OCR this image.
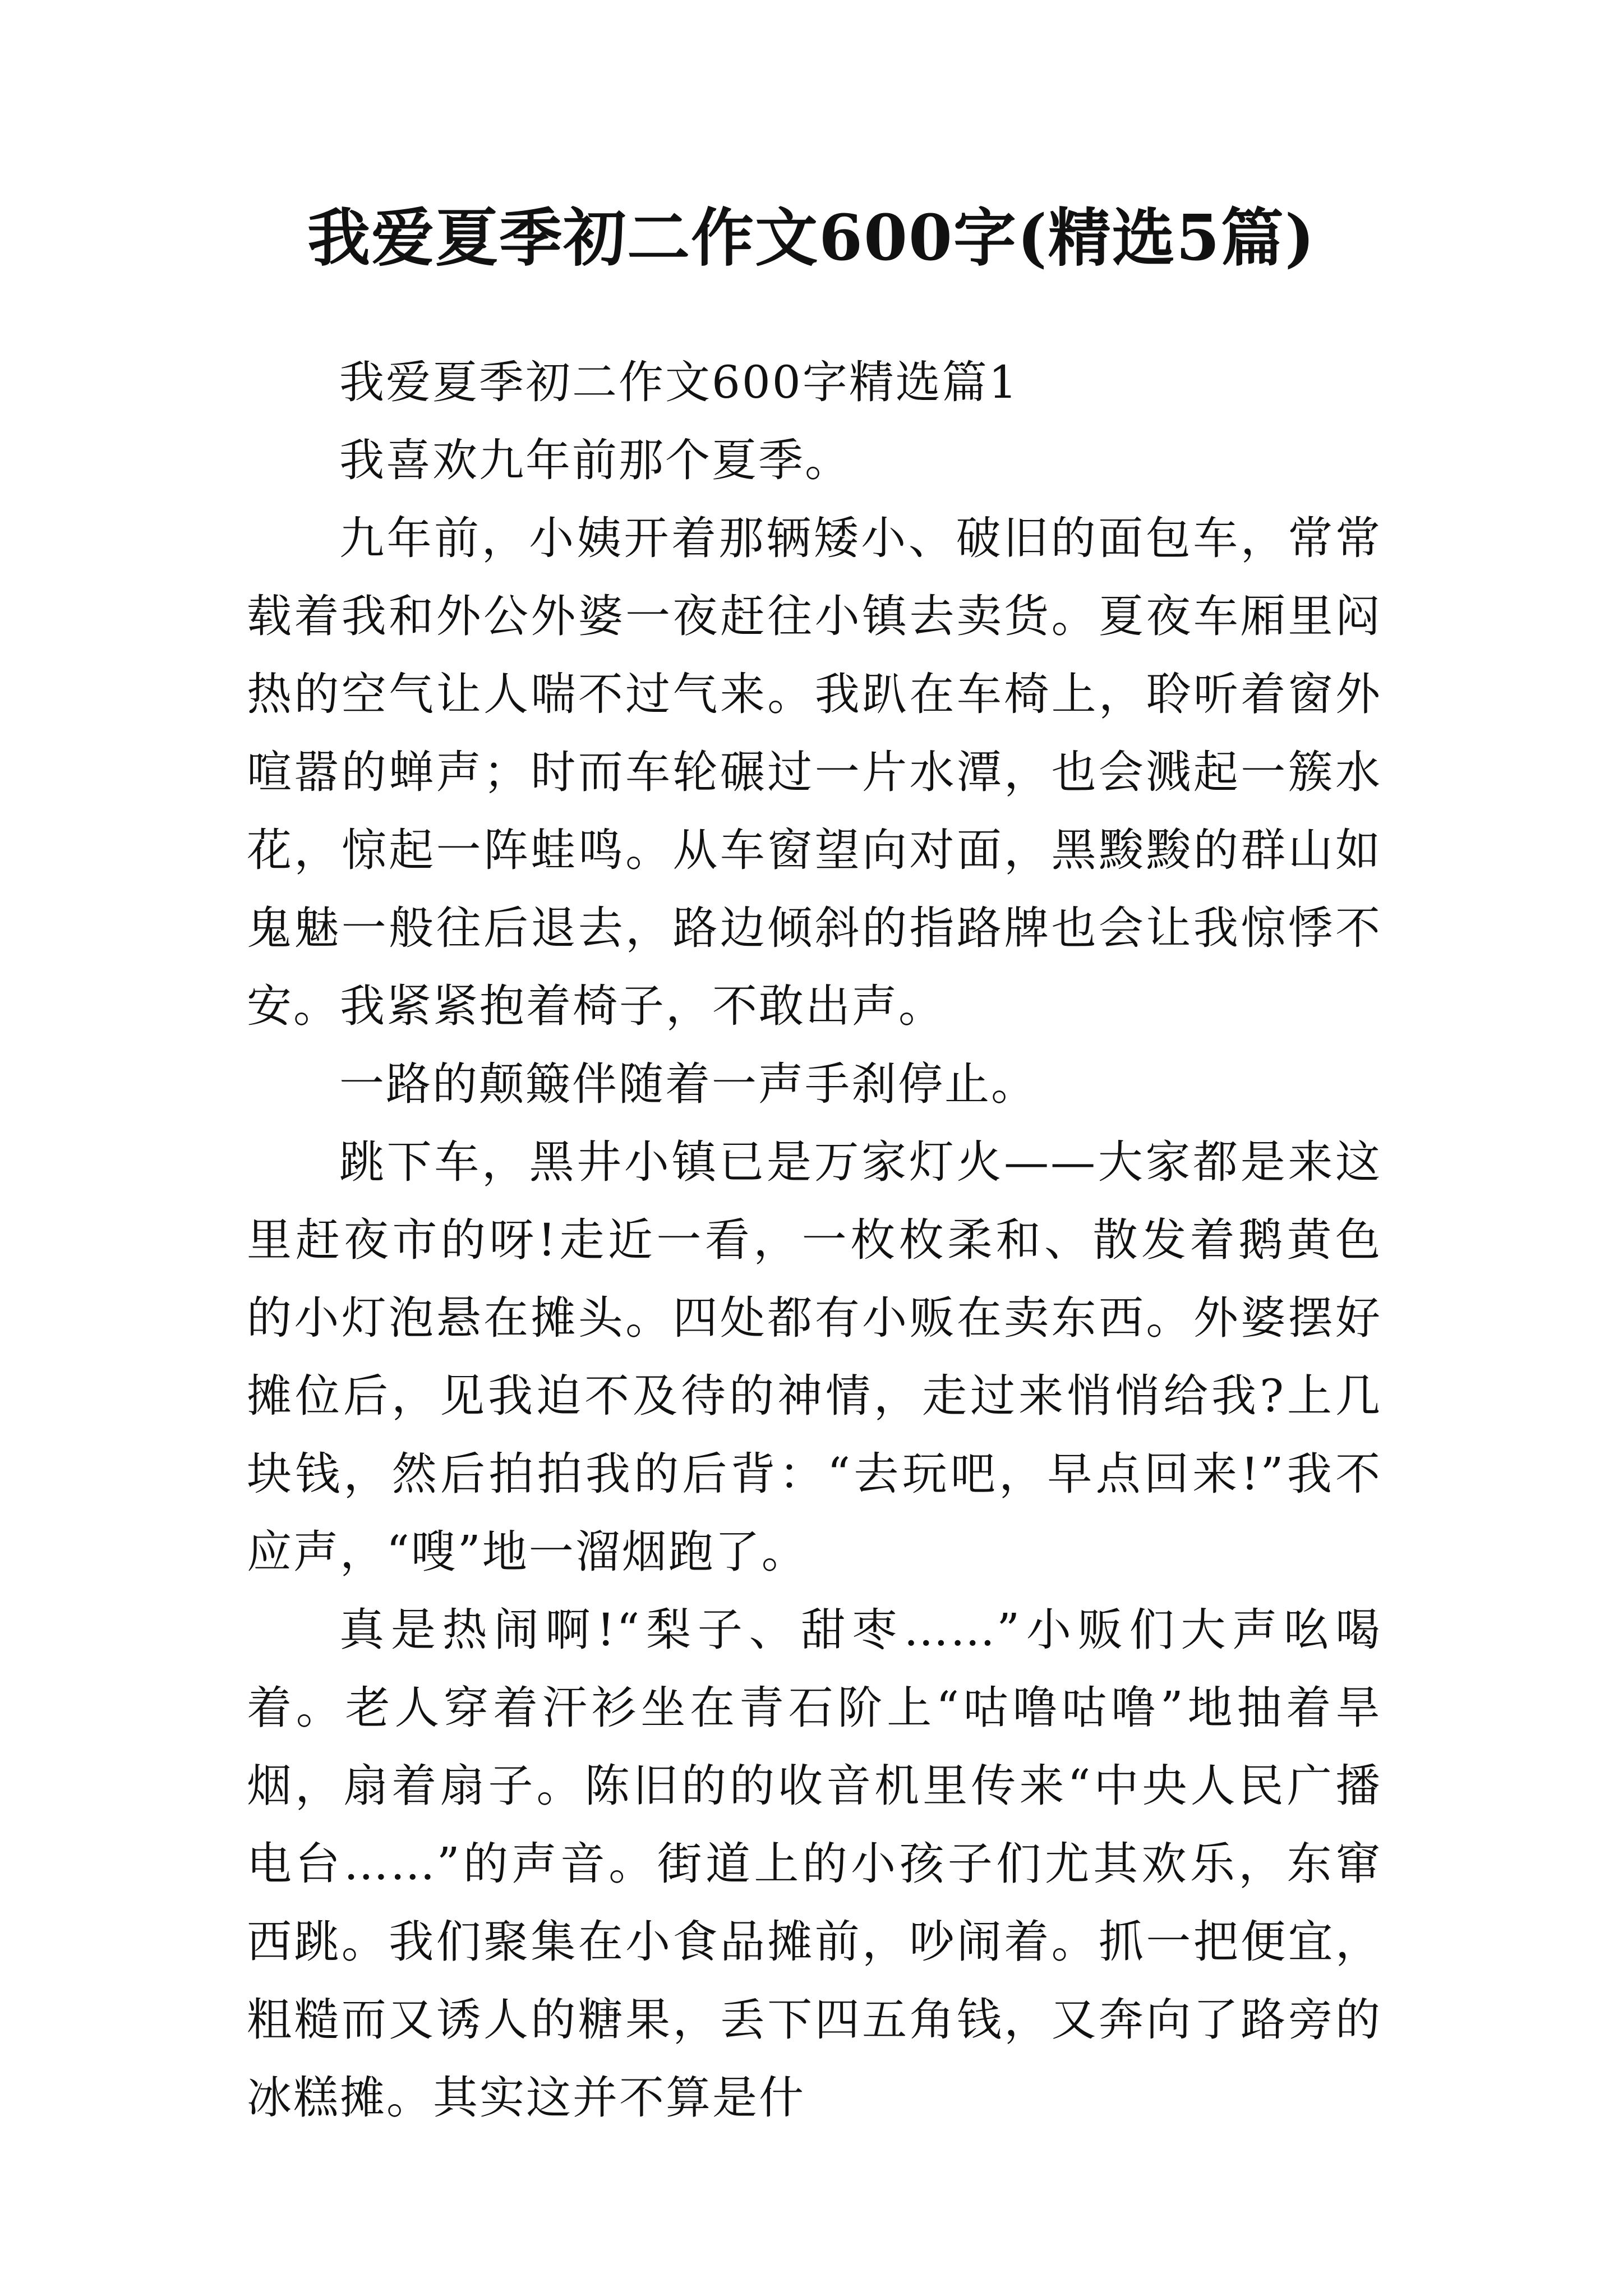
我爱夏季初二作文600字(精选5篇)

我爱夏季初二作文600字精选篇1

我喜欢九年前那个夏季。

九年前，小姨开着那辆矮小、破旧的面包车，常常载着我和外公外婆一夜赶往小镇去卖货。夏夜车厢里闷热的空气让人喘不过气来。我趴在车椅上，聆听着窗外喧嚣的蝉声；时而车轮碾过一片水潭，也会溅起一簇水花，惊起一阵蛙鸣。从车窗望向对面，黑黢黢的群山如鬼魅一般往后退去，路边倾斜的指路牌也会让我惊悸不安。我紧紧抱着椅子，不敢出声。

一路的颠簸伴随着一声手刹停止。

跳下车，黑井小镇已是万家灯火——大家都是来这里赶夜市的呀!走近一看，一枚枚柔和、散发着鹅黄色的小灯泡悬在摊头。四处都有小贩在卖东西。外婆摆好摊位后，见我迫不及待的神情，走过来悄悄给我?上几块钱，然后拍拍我的后背：“去玩吧，早点回来!”我不应声，“嗖”地一溜烟跑了。

真是热闹啊!“梨子、甜枣……”小贩们大声吆喝着。老人穿着汗衫坐在青石阶上“咕噜咕噜”地抽着旱烟，扇着扇子。陈旧的的收音机里传来“中央人民广播电台……”的声音。街道上的小孩子们尤其欢乐，东窜西跳。我们聚集在小食品摊前，吵闹着。抓一把便宜，粗糙而又诱人的糖果，丢下四五角钱，又奔向了路旁的冰糕摊。其实这并不算是什
